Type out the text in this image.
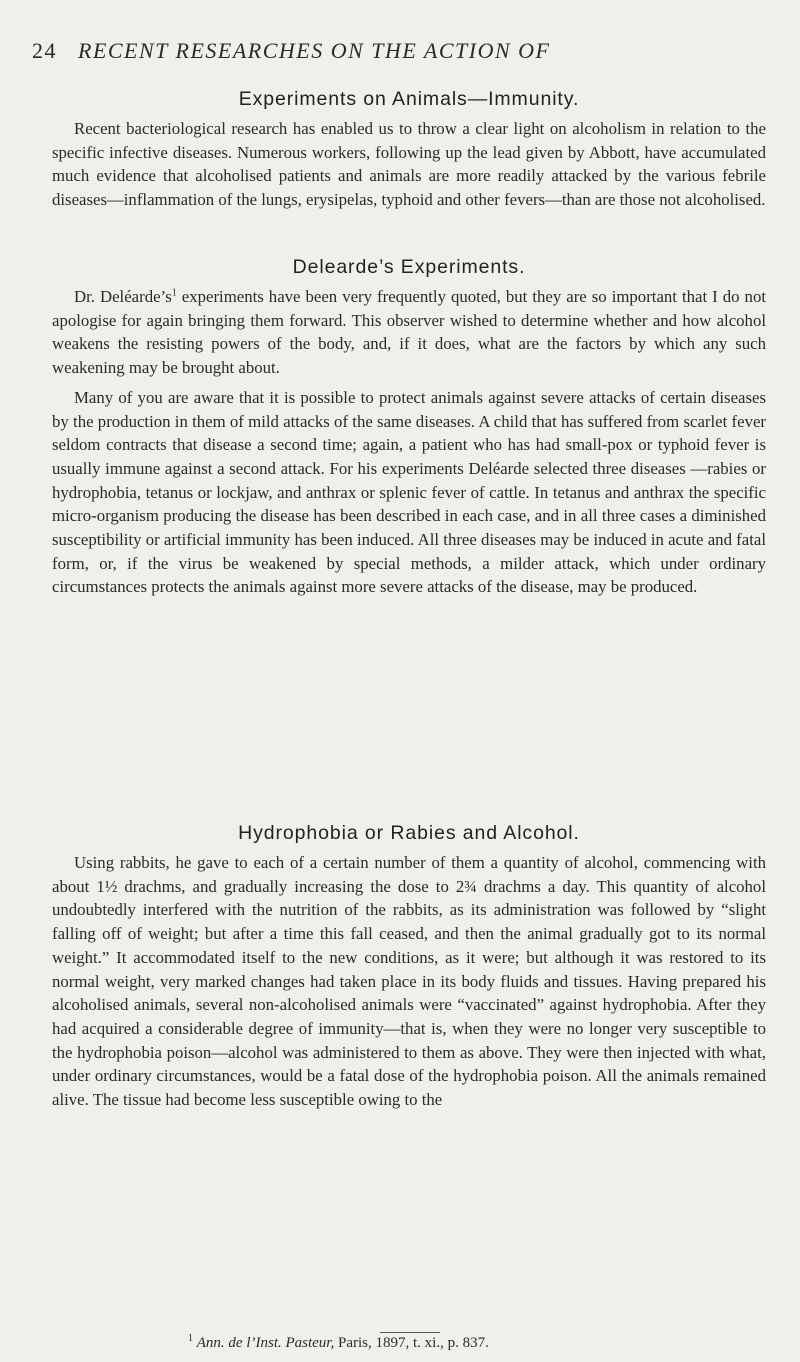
24 RECENT RESEARCHES ON THE ACTION OF
Experiments on Animals—Immunity.

Recent bacteriological research has enabled us to throw a clear light on alcoholism in relation to the specific infective diseases. Numerous workers, following up the lead given by Abbott, have accumulated much evidence that alcoholised patients and animals are more readily attacked by the various febrile diseases—inflammation of the lungs, erysipelas, typhoid and other fevers—than are those not alcoholised.

Delearde’s Experiments.

Dr. $Deléarde’s^1$ experiments have been very frequently quoted, but they are so important that I do not apologise for again bringing them forward. This observer wished to determine whether and how alcohol weakens the resisting powers of the body, and, if it does, what are the factors by which any such weakening may be brought about.

Many of you are aware that it is possible to protect animals against severe attacks of certain diseases by the production in them of mild attacks of the same diseases. A child that has suffered from scarlet fever seldom contracts that disease a second time; again, a patient who has had small-pox or typhoid fever is usually immune against a second attack. For his experiments Deléarde selected three diseases —rabies or hydrophobia, tetanus or lockjaw, and anthrax or splenic fever of cattle. In tetanus and anthrax the specific micro-organism producing the disease has been described in each case, and in all three cases a diminished susceptibility or artificial immunity has been induced. All three diseases may be induced in acute and fatal form, or, if the virus be weakened by special methods, a milder attack, which under ordinary circumstances protects the animals against more severe attacks of the disease, may be produced.

Hydrophobia or Rabies and Alcohol.

Using rabbits, he gave to each of a certain number of them a quantity of alcohol, commencing with about 1½ drachms, and gradually increasing the dose to 2¾ drachms a day. This quantity of alcohol undoubtedly interfered with the nutrition of the rabbits, as its administration was followed by “slight falling off of weight; but after a time this fall ceased, and then the animal gradually got to its normal weight.” It accommodated itself to the new conditions, as it were; but although it was restored to its normal weight, very marked changes had taken place in its body fluids and tissues. Having prepared his alcoholised animals, several non-alcoholised animals were “vaccinated” against hydrophobia. After they had acquired a considerable degree of immunity—that is, when they were no longer very susceptible to the hydrophobia poison—alcohol was administered to them as above. They were then injected with what, under ordinary circumstances, would be a fatal dose of the hydrophobia poison. All the animals remained alive. The tissue had become less susceptible owing to the

$^1$ Ann. de l’Inst. Pasteur, Paris, 1897, t. xi., p. 837.
